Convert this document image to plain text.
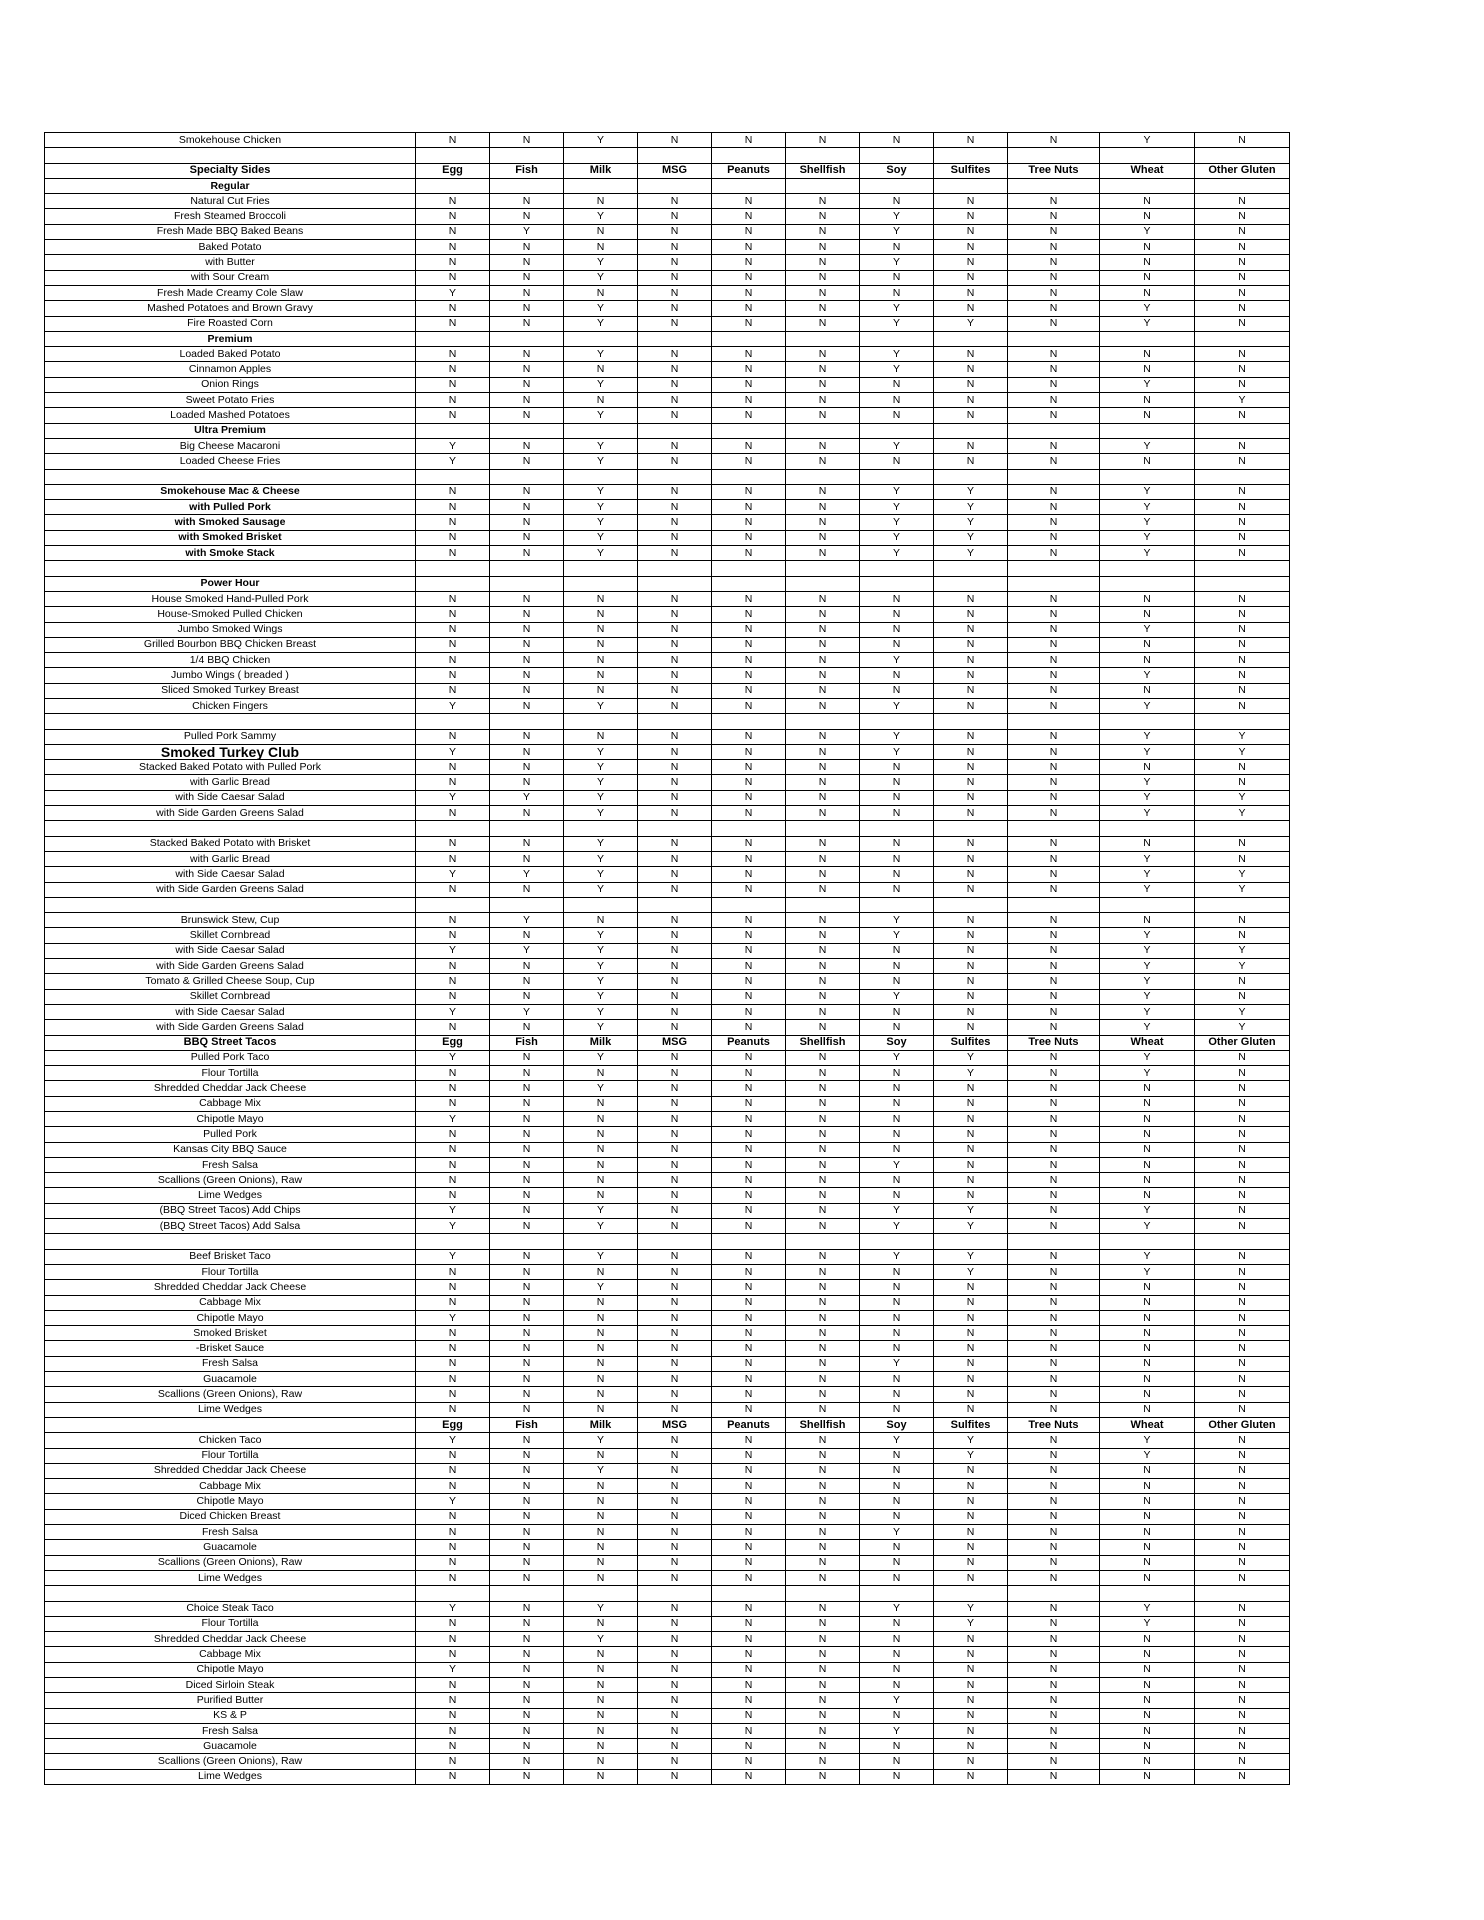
Smokehouse Chicken	N	N	Y	N	N	N	N	N	N	Y	N

Specialty Sides	Egg	Fish	Milk	MSG	Peanuts	Shellfish	Soy	Sulfites	Tree Nuts	Wheat	Other Gluten
Regular											
Natural Cut Fries	N	N	N	N	N	N	N	N	N	N	N
Fresh Steamed Broccoli	N	N	Y	N	N	N	Y	N	N	N	N
Fresh Made BBQ Baked Beans	N	Y	N	N	N	N	Y	N	N	Y	N
Baked Potato	N	N	N	N	N	N	N	N	N	N	N
with Butter	N	N	Y	N	N	N	Y	N	N	N	N
with Sour Cream	N	N	Y	N	N	N	N	N	N	N	N
Fresh Made Creamy Cole Slaw	Y	N	N	N	N	N	N	N	N	N	N
Mashed Potatoes and Brown Gravy	N	N	Y	N	N	N	Y	N	N	Y	N
Fire Roasted Corn	N	N	Y	N	N	N	Y	Y	N	Y	N
Premium											
Loaded Baked Potato	N	N	Y	N	N	N	Y	N	N	N	N
Cinnamon Apples	N	N	N	N	N	N	Y	N	N	N	N
Onion Rings	N	N	Y	N	N	N	N	N	N	Y	N
Sweet Potato Fries	N	N	N	N	N	N	N	N	N	N	Y
Loaded Mashed Potatoes	N	N	Y	N	N	N	N	N	N	N	N
Ultra Premium											
Big Cheese Macaroni	Y	N	Y	N	N	N	Y	N	N	Y	N
Loaded Cheese Fries	Y	N	Y	N	N	N	N	N	N	N	N

Smokehouse Mac & Cheese	N	N	Y	N	N	N	Y	Y	N	Y	N
with Pulled Pork	N	N	Y	N	N	N	Y	Y	N	Y	N
with Smoked Sausage	N	N	Y	N	N	N	Y	Y	N	Y	N
with Smoked Brisket	N	N	Y	N	N	N	Y	Y	N	Y	N
with Smoke Stack	N	N	Y	N	N	N	Y	Y	N	Y	N

Power Hour											
House Smoked Hand-Pulled Pork	N	N	N	N	N	N	N	N	N	N	N
House-Smoked Pulled Chicken	N	N	N	N	N	N	N	N	N	N	N
Jumbo Smoked Wings	N	N	N	N	N	N	N	N	N	Y	N
Grilled Bourbon BBQ Chicken Breast	N	N	N	N	N	N	N	N	N	N	N
1/4 BBQ Chicken	N	N	N	N	N	N	Y	N	N	N	N
Jumbo Wings ( breaded )	N	N	N	N	N	N	N	N	N	Y	N
Sliced Smoked Turkey Breast	N	N	N	N	N	N	N	N	N	N	N
Chicken Fingers	Y	N	Y	N	N	N	Y	N	N	Y	N

Pulled Pork Sammy	N	N	N	N	N	N	Y	N	N	Y	Y
Smoked Turkey Club	Y	N	Y	N	N	N	Y	N	N	Y	Y
Stacked Baked Potato with Pulled Pork	N	N	Y	N	N	N	N	N	N	N	N
with Garlic Bread	N	N	Y	N	N	N	N	N	N	Y	N
with Side Caesar Salad	Y	Y	Y	N	N	N	N	N	N	Y	Y
with Side Garden Greens Salad	N	N	Y	N	N	N	N	N	N	Y	Y

Stacked Baked Potato with Brisket	N	N	Y	N	N	N	N	N	N	N	N
with Garlic Bread	N	N	Y	N	N	N	N	N	N	Y	N
with Side Caesar Salad	Y	Y	Y	N	N	N	N	N	N	Y	Y
with Side Garden Greens Salad	N	N	Y	N	N	N	N	N	N	Y	Y

Brunswick Stew, Cup	N	Y	N	N	N	N	Y	N	N	N	N
Skillet Cornbread	N	N	Y	N	N	N	Y	N	N	Y	N
with Side Caesar Salad	Y	Y	Y	N	N	N	N	N	N	Y	Y
with Side Garden Greens Salad	N	N	Y	N	N	N	N	N	N	Y	Y
Tomato & Grilled Cheese Soup, Cup	N	N	Y	N	N	N	N	N	N	Y	N
Skillet Cornbread	N	N	Y	N	N	N	Y	N	N	Y	N
with Side Caesar Salad	Y	Y	Y	N	N	N	N	N	N	Y	Y
with Side Garden Greens Salad	N	N	Y	N	N	N	N	N	N	Y	Y
BBQ Street Tacos	Egg	Fish	Milk	MSG	Peanuts	Shellfish	Soy	Sulfites	Tree Nuts	Wheat	Other Gluten
Pulled Pork Taco	Y	N	Y	N	N	N	Y	Y	N	Y	N
Flour Tortilla	N	N	N	N	N	N	N	Y	N	Y	N
Shredded Cheddar Jack Cheese	N	N	Y	N	N	N	N	N	N	N	N
Cabbage Mix	N	N	N	N	N	N	N	N	N	N	N
Chipotle Mayo	Y	N	N	N	N	N	N	N	N	N	N
Pulled Pork	N	N	N	N	N	N	N	N	N	N	N
Kansas City BBQ Sauce	N	N	N	N	N	N	N	N	N	N	N
Fresh Salsa	N	N	N	N	N	N	Y	N	N	N	N
Scallions (Green Onions), Raw	N	N	N	N	N	N	N	N	N	N	N
Lime Wedges	N	N	N	N	N	N	N	N	N	N	N
(BBQ Street Tacos) Add Chips	Y	N	Y	N	N	N	Y	Y	N	Y	N
(BBQ Street Tacos) Add Salsa	Y	N	Y	N	N	N	Y	Y	N	Y	N

Beef Brisket Taco	Y	N	Y	N	N	N	Y	Y	N	Y	N
Flour Tortilla	N	N	N	N	N	N	N	Y	N	Y	N
Shredded Cheddar Jack Cheese	N	N	Y	N	N	N	N	N	N	N	N
Cabbage Mix	N	N	N	N	N	N	N	N	N	N	N
Chipotle Mayo	Y	N	N	N	N	N	N	N	N	N	N
Smoked Brisket	N	N	N	N	N	N	N	N	N	N	N
-Brisket Sauce	N	N	N	N	N	N	N	N	N	N	N
Fresh Salsa	N	N	N	N	N	N	Y	N	N	N	N
Guacamole	N	N	N	N	N	N	N	N	N	N	N
Scallions (Green Onions), Raw	N	N	N	N	N	N	N	N	N	N	N
Lime Wedges	N	N	N	N	N	N	N	N	N	N	N
	Egg	Fish	Milk	MSG	Peanuts	Shellfish	Soy	Sulfites	Tree Nuts	Wheat	Other Gluten
Chicken Taco	Y	N	Y	N	N	N	Y	Y	N	Y	N
Flour Tortilla	N	N	N	N	N	N	N	Y	N	Y	N
Shredded Cheddar Jack Cheese	N	N	Y	N	N	N	N	N	N	N	N
Cabbage Mix	N	N	N	N	N	N	N	N	N	N	N
Chipotle Mayo	Y	N	N	N	N	N	N	N	N	N	N
Diced Chicken Breast	N	N	N	N	N	N	N	N	N	N	N
Fresh Salsa	N	N	N	N	N	N	Y	N	N	N	N
Guacamole	N	N	N	N	N	N	N	N	N	N	N
Scallions (Green Onions), Raw	N	N	N	N	N	N	N	N	N	N	N
Lime Wedges	N	N	N	N	N	N	N	N	N	N	N

Choice Steak Taco	Y	N	Y	N	N	N	Y	Y	N	Y	N
Flour Tortilla	N	N	N	N	N	N	N	Y	N	Y	N
Shredded Cheddar Jack Cheese	N	N	Y	N	N	N	N	N	N	N	N
Cabbage Mix	N	N	N	N	N	N	N	N	N	N	N
Chipotle Mayo	Y	N	N	N	N	N	N	N	N	N	N
Diced Sirloin Steak	N	N	N	N	N	N	N	N	N	N	N
Purified Butter	N	N	N	N	N	N	Y	N	N	N	N
KS & P	N	N	N	N	N	N	N	N	N	N	N
Fresh Salsa	N	N	N	N	N	N	Y	N	N	N	N
Guacamole	N	N	N	N	N	N	N	N	N	N	N
Scallions (Green Onions), Raw	N	N	N	N	N	N	N	N	N	N	N
Lime Wedges	N	N	N	N	N	N	N	N	N	N	N
